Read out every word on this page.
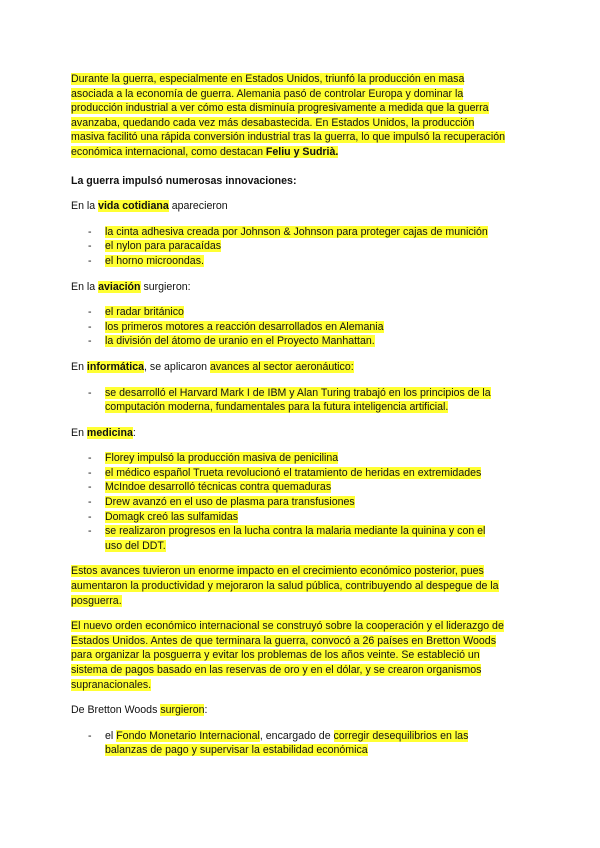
Durante la guerra, especialmente en Estados Unidos, triunfó la producción en masa

asociada a la economía de guerra. Alemania pasó de controlar Europa y dominar la

producción industrial a ver cómo esta disminuía progresivamente a medida que la guerra

avanzaba, quedando cada vez más desabastecida. En Estados Unidos, la producción

masiva facilitó una rápida conversión industrial tras la guerra, lo que impulsó la recuperación

económica internacional, como destacan Feliu y Sudrià.

La guerra impulsó numerosas innovaciones:

En la vida cotidiana aparecieron

- la cinta adhesiva creada por Johnson & Johnson para proteger cajas de munición
- el nylon para paracaídas
- el horno microondas.

En la aviación surgieron:

- el radar británico
- los primeros motores a reacción desarrollados en Alemania
- la división del átomo de uranio en el Proyecto Manhattan.

En informática, se aplicaron avances al sector aeronáutico:

- se desarrolló el Harvard Mark I de IBM y Alan Turing trabajó en los principios de la
computación moderna, fundamentales para la futura inteligencia artificial.

En medicina:

- Florey impulsó la producción masiva de penicilina
- el médico español Trueta revolucionó el tratamiento de heridas en extremidades
- McIndoe desarrolló técnicas contra quemaduras
- Drew avanzó en el uso de plasma para transfusiones
- Domagk creó las sulfamidas
- se realizaron progresos en la lucha contra la malaria mediante la quinina y con el
uso del DDT.

Estos avances tuvieron un enorme impacto en el crecimiento económico posterior, pues

aumentaron la productividad y mejoraron la salud pública, contribuyendo al despegue de la

posguerra.

El nuevo orden económico internacional se construyó sobre la cooperación y el liderazgo de

Estados Unidos. Antes de que terminara la guerra, convocó a 26 países en Bretton Woods

para organizar la posguerra y evitar los problemas de los años veinte. Se estableció un

sistema de pagos basado en las reservas de oro y en el dólar, y se crearon organismos

supranacionales.

De Bretton Woods surgieron:

- el Fondo Monetario Internacional, encargado de corregir desequilibrios en las
balanzas de pago y supervisar la estabilidad económica
